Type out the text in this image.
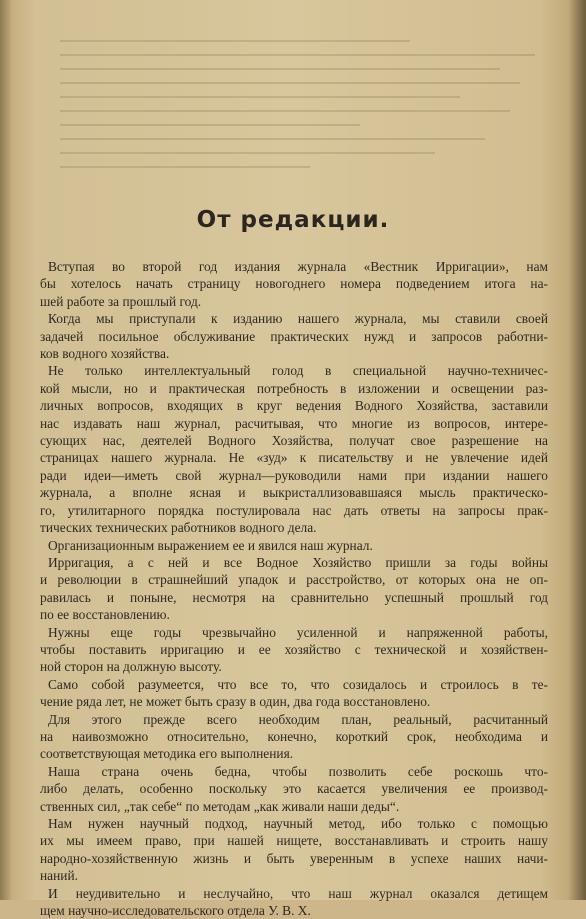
От редакции.

Вступая во второй год издания журнала «Вестник Ирригации», нам
бы хотелось начать страницу новогоднего номера подведением итога на-
шей работе за прошлый год.

Когда мы приступали к изданию нашего журнала, мы ставили своей
задачей посильное обслуживание практических нужд и запросов работни-
ков водного хозяйства.

Не только интеллектуальный голод в специальной научно-техничес-
кой мысли, но и практическая потребность в изложении и освещении раз-
личных вопросов, входящих в круг ведения Водного Хозяйства, заставили
нас издавать наш журнал, расчитывая, что многие из вопросов, интере-
сующих нас, деятелей Водного Хозяйства, получат свое разрешение на
страницах нашего журнала. Не «зуд» к писательству и не увлечение идей
ради идеи—иметь свой журнал—руководили нами при издании нашего
журнала, а вполне ясная и выкристаллизовавшаяся мысль практическо-
го, утилитарного порядка постулировала нас дать ответы на запросы прак-
тических технических работников водного дела.

Организационным выражением ее и явился наш журнал.

Ирригация, а с ней и все Водное Хозяйство пришли за годы войны
и революции в страшнейший упадок и расстройство, от которых она не оп-
равилась и поныне, несмотря на сравнительно успешный прошлый год
по ее восстановлению.

Нужны еще годы чрезвычайно усиленной и напряженной работы,
чтобы поставить ирригацию и ее хозяйство с технической и хозяйствен-
ной сторон на должную высоту.

Само собой разумеется, что все то, что созидалось и строилось в те-
чение ряда лет, не может быть сразу в один, два года восстановлено.

Для этого прежде всего необходим план, реальный, расчитанный
на наивозможно относительно, конечно, короткий срок, необходима и
соответствующая методика его выполнения.

Наша страна очень бедна, чтобы позволить себе роскошь что-
либо делать, особенно поскольку это касается увеличения ее производ-
ственных сил, „так себе“ по методам „как живали наши деды“.

Нам нужен научный подход, научный метод, ибо только с помощью
их мы имеем право, при нашей нищете, восстанавливать и строить нашу
народно-хозяйственную жизнь и быть уверенным в успехе наших начи-
наний.

И неудивительно и неслучайно, что наш журнал оказался детищем
щем научно-исследовательского отдела У. В. Х.
